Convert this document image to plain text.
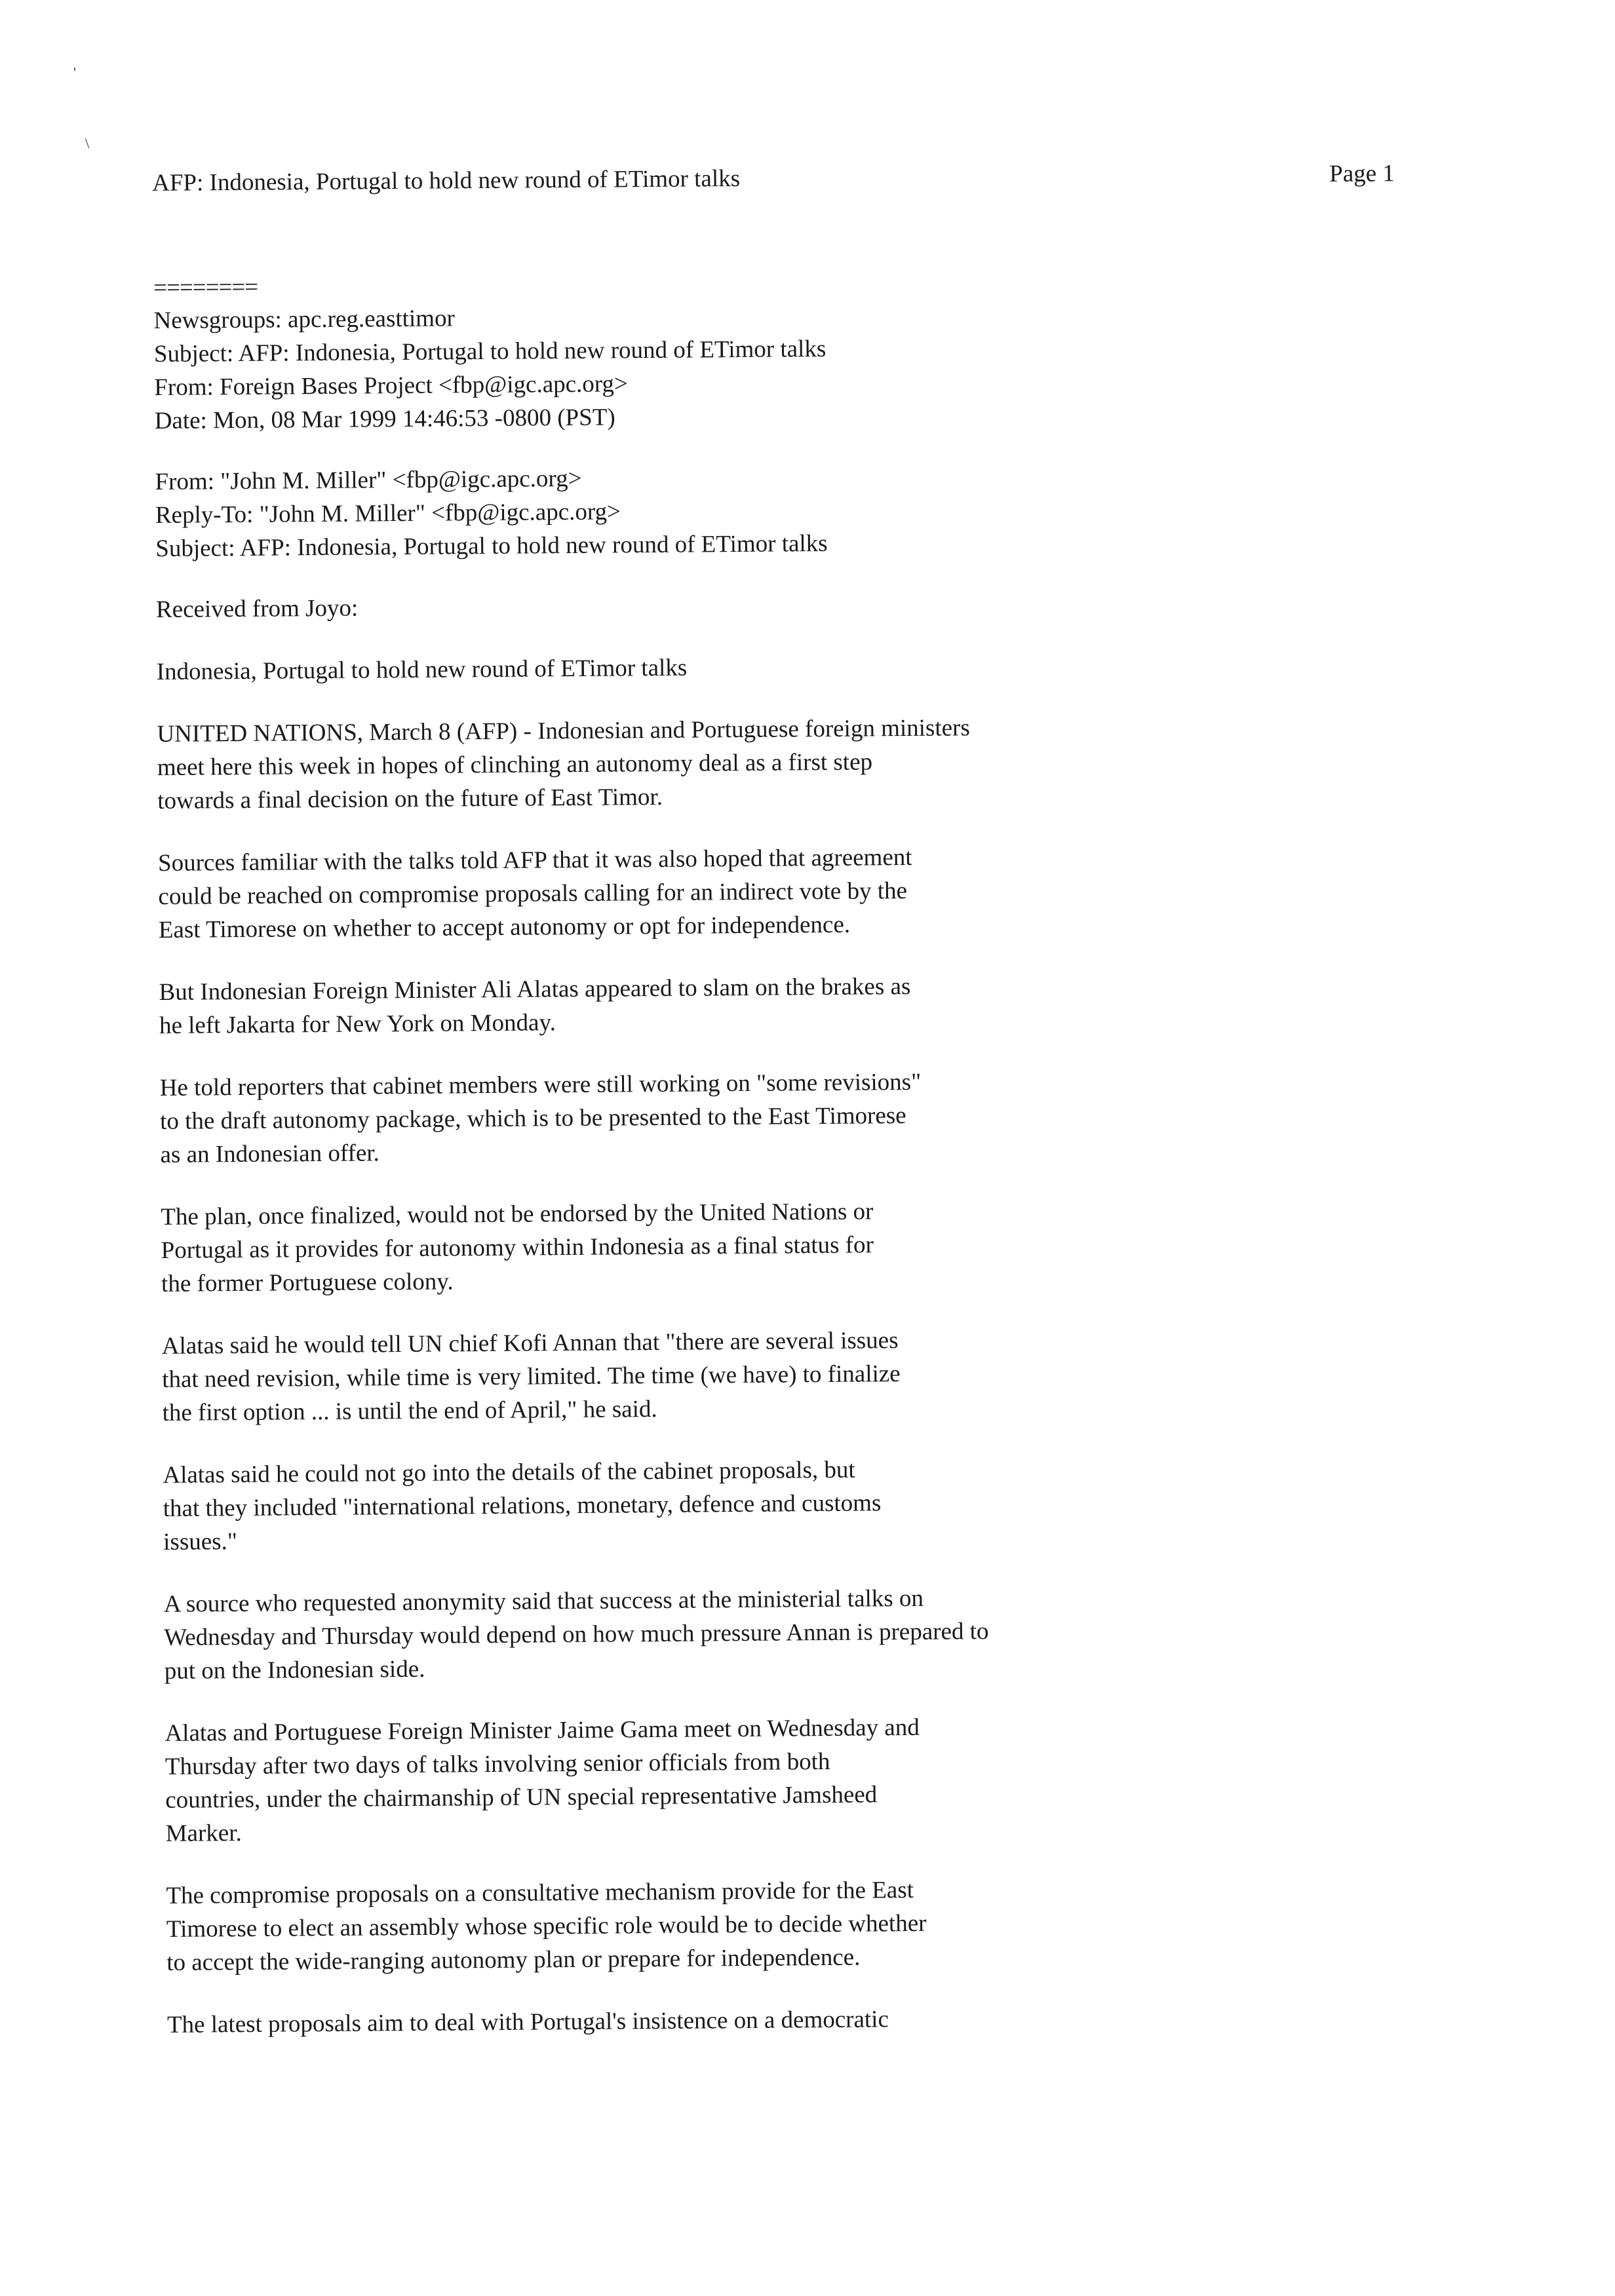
'
\
AFP: Indonesia, Portugal to hold new round of ETimor talks	Page 1
========
Newsgroups: apc.reg.easttimor
Subject: AFP: Indonesia, Portugal to hold new round of ETimor talks
From: Foreign Bases Project <fbp@igc.apc.org>
Date: Mon, 08 Mar 1999 14:46:53 -0800 (PST)
From: "John M. Miller" <fbp@igc.apc.org>
Reply-To: "John M. Miller" <fbp@igc.apc.org>
Subject: AFP: Indonesia, Portugal to hold new round of ETimor talks
Received from Joyo:
Indonesia, Portugal to hold new round of ETimor talks
UNITED NATIONS, March 8 (AFP) - Indonesian and Portuguese foreign ministers
meet here this week in hopes of clinching an autonomy deal as a first step
towards a final decision on the future of East Timor.
Sources familiar with the talks told AFP that it was also hoped that agreement
could be reached on compromise proposals calling for an indirect vote by the
East Timorese on whether to accept autonomy or opt for independence.
But Indonesian Foreign Minister Ali Alatas appeared to slam on the brakes as
he left Jakarta for New York on Monday.
He told reporters that cabinet members were still working on "some revisions"
to the draft autonomy package, which is to be presented to the East Timorese
as an Indonesian offer.
The plan, once finalized, would not be endorsed by the United Nations or
Portugal as it provides for autonomy within Indonesia as a final status for
the former Portuguese colony.
Alatas said he would tell UN chief Kofi Annan that "there are several issues
that need revision, while time is very limited. The time (we have) to finalize
the first option ... is until the end of April," he said.
Alatas said he could not go into the details of the cabinet proposals, but
that they included "international relations, monetary, defence and customs
issues."
A source who requested anonymity said that success at the ministerial talks on
Wednesday and Thursday would depend on how much pressure Annan is prepared to
put on the Indonesian side.
Alatas and Portuguese Foreign Minister Jaime Gama meet on Wednesday and
Thursday after two days of talks involving senior officials from both
countries, under the chairmanship of UN special representative Jamsheed
Marker.
The compromise proposals on a consultative mechanism provide for the East
Timorese to elect an assembly whose specific role would be to decide whether
to accept the wide-ranging autonomy plan or prepare for independence.
The latest proposals aim to deal with Portugal's insistence on a democratic
